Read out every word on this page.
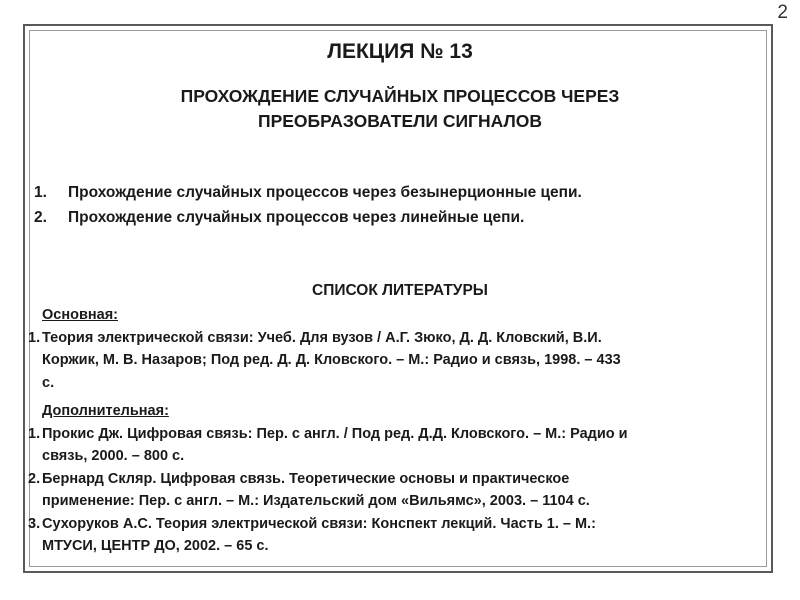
2
ЛЕКЦИЯ № 13
ПРОХОЖДЕНИЕ СЛУЧАЙНЫХ ПРОЦЕССОВ ЧЕРЕЗ
ПРЕОБРАЗОВАТЕЛИ СИГНАЛОВ
1.	Прохождение случайных процессов через безынерционные цепи.
2.	Прохождение случайных процессов через линейные цепи.
СПИСОК ЛИТЕРАТУРЫ
Основная:
1. Теория электрической связи: Учеб. Для вузов / А.Г. Зюко, Д. Д. Кловский, В.И.
Коржик, М. В. Назаров; Под ред. Д. Д. Кловского. – М.: Радио и связь, 1998. – 433
с.
Дополнительная:
1. Прокис Дж. Цифровая связь: Пер. с англ. / Под ред. Д.Д. Кловского. – М.: Радио и
связь, 2000. – 800 с.
2. Бернард Скляр. Цифровая связь. Теоретические основы и практическое
применение: Пер. с англ. – М.: Издательский дом «Вильямс», 2003. – 1104 с.
3. Сухоруков А.С. Теория электрической связи: Конспект лекций. Часть 1. – М.:
МТУСИ, ЦЕНТР ДО, 2002. – 65 с.
